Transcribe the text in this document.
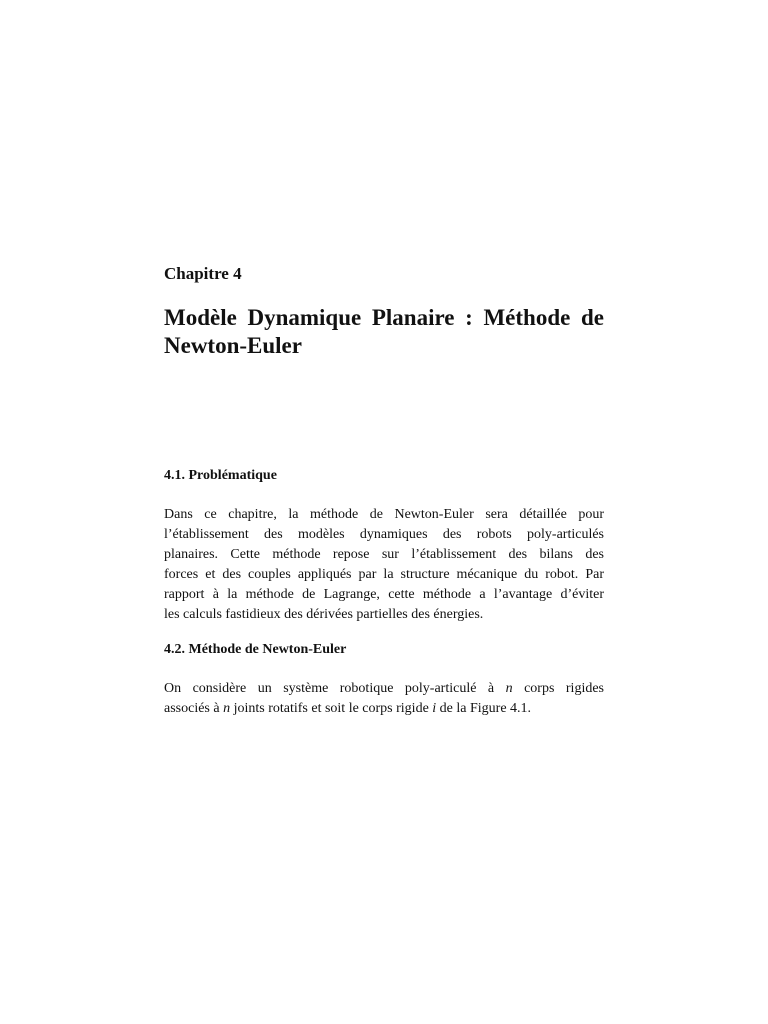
Chapitre 4
Modèle Dynamique Planaire : Méthode de
Newton-Euler
4.1. Problématique
Dans ce chapitre, la méthode de Newton-Euler sera détaillée pour
l’établissement des modèles dynamiques des robots poly-articulés
planaires. Cette méthode repose sur l’établissement des bilans des
forces et des couples appliqués par la structure mécanique du robot. Par
rapport à la méthode de Lagrange, cette méthode a l’avantage d’éviter
les calculs fastidieux des dérivées partielles des énergies.
4.2. Méthode de Newton-Euler
On considère un système robotique poly-articulé à n corps rigides
associés à n joints rotatifs et soit le corps rigide i de la Figure 4.1.
